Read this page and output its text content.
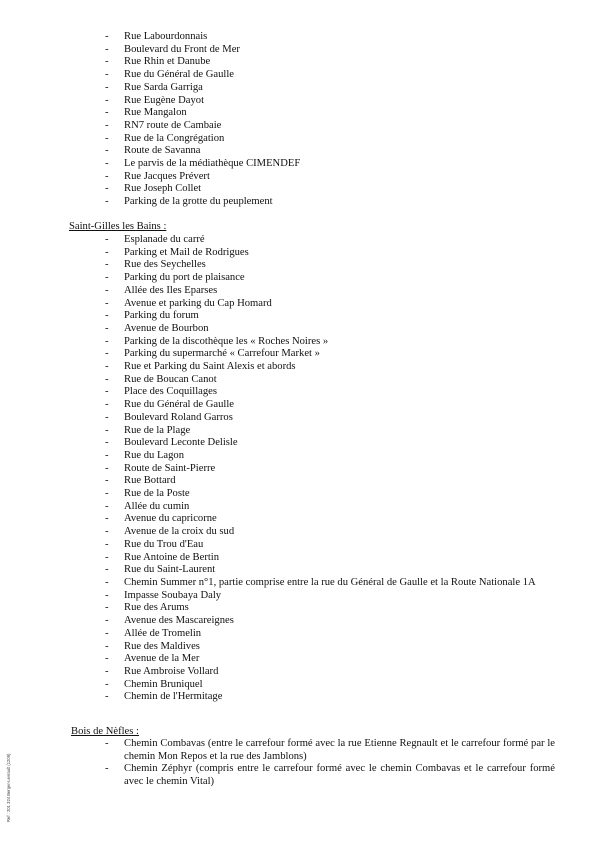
- Rue Labourdonnais
- Boulevard du Front de Mer
- Rue Rhin et Danube
- Rue du Général de Gaulle
- Rue Sarda Garriga
- Rue Eugène Dayot
- Rue Mangalon
- RN7 route de Cambaie
- Rue de la Congrégation
- Route de Savanna
- Le parvis de la médiathèque CIMENDEF
- Rue Jacques Prévert
- Rue Joseph Collet
- Parking de la grotte du peuplement
Saint-Gilles les Bains :
- Esplanade du carré
- Parking et Mail de Rodrigues
- Rue des Seychelles
- Parking du port de plaisance
- Allée des Iles Eparses
- Avenue et parking du Cap Homard
- Parking du forum
- Avenue de Bourbon
- Parking de la discothèque les « Roches Noires »
- Parking du supermarché « Carrefour Market »
- Rue et Parking du Saint Alexis et abords
- Rue de Boucan Canot
- Place des Coquillages
- Rue du Général de Gaulle
- Boulevard Roland Garros
- Rue de la Plage
- Boulevard Leconte Delisle
- Rue du Lagon
- Route de Saint-Pierre
- Rue Bottard
- Rue de la Poste
- Allée du cumin
- Avenue du capricorne
- Avenue de la croix du sud
- Rue du Trou d'Eau
- Rue Antoine de Bertin
- Rue du Saint-Laurent
- Chemin Summer n°1, partie comprise entre la rue du Général de Gaulle et la Route Nationale 1A
- Impasse Soubaya Daly
- Rue des Arums
- Avenue des Mascareignes
- Allée de Tromelin
- Rue des Maldives
- Avenue de la Mer
- Rue Ambroise Vollard
- Chemin Bruniquel
- Chemin de l'Hermitage
Bois de Nèfles :
- Chemin Combavas (entre le carrefour formé avec la rue Etienne Regnault et le carrefour formé par le chemin Mon Repos et la rue des Jamblons)
- Chemin Zéphyr (compris entre le carrefour formé avec le chemin Combavas et le carrefour formé avec le chemin Vital)
Ref : 201 324 Berger-Levrault (1209)
